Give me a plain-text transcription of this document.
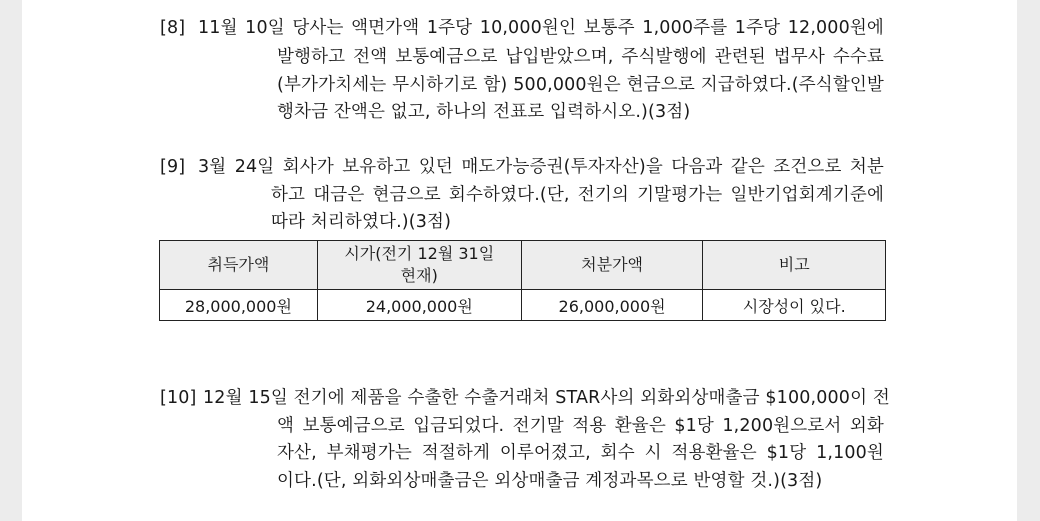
[8] 11월 10일 당사는 액면가액 1주당 10,000원인 보통주 1,000주를 1주당 12,000원에
발행하고 전액 보통예금으로 납입받았으며, 주식발행에 관련된 법무사 수수료
(부가가치세는 무시하기로 함) 500,000원은 현금으로 지급하였다.(주식할인발
행차금 잔액은 없고, 하나의 전표로 입력하시오.)(3점)
[9] 3월 24일 회사가 보유하고 있던 매도가능증권(투자자산)을 다음과 같은 조건으로 처분
하고 대금은 현금으로 회수하였다.(단, 전기의 기말평가는 일반기업회계기준에
따라 처리하였다.)(3점)
취득가액	시가(전기 12월 31일 현재)	처분가액	비고
28,000,000원	24,000,000원	26,000,000원	시장성이 있다.
[10] 12월 15일 전기에 제품을 수출한 수출거래처 STAR사의 외화외상매출금 $100,000이 전
액 보통예금으로 입금되었다. 전기말 적용 환율은 $1당 1,200원으로서 외화
자산, 부채평가는 적절하게 이루어졌고, 회수 시 적용환율은 $1당 1,100원
이다.(단, 외화외상매출금은 외상매출금 계정과목으로 반영할 것.)(3점)
